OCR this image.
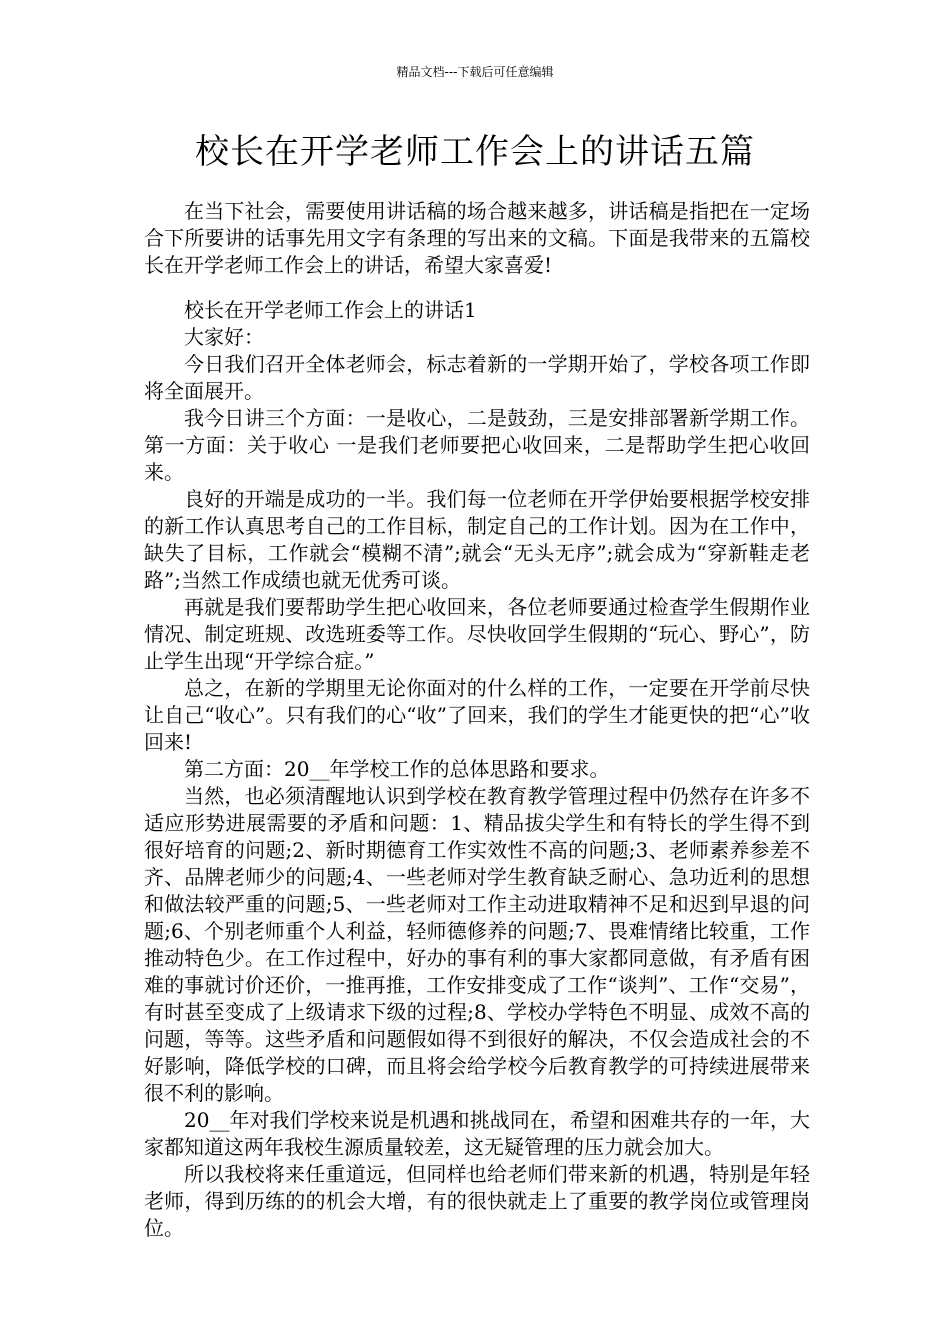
精品文档---下载后可任意编辑
校长在开学老师工作会上的讲话五篇

在当下社会，需要使用讲话稿的场合越来越多，讲话稿是指把在一定场合下所要讲的话事先用文字有条理的写出来的文稿。下面是我带来的五篇校长在开学老师工作会上的讲话，希望大家喜爱!

校长在开学老师工作会上的讲话1

大家好：

今日我们召开全体老师会，标志着新的一学期开始了，学校各项工作即将全面展开。

我今日讲三个方面：一是收心，二是鼓劲，三是安排部署新学期工作。 第一方面：关于收心 一是我们老师要把心收回来，二是帮助学生把心收回来。

良好的开端是成功的一半。我们每一位老师在开学伊始要根据学校安排的新工作认真思考自己的工作目标，制定自己的工作计划。因为在工作中，缺失了目标，工作就会“模糊不清”;就会“无头无序”;就会成为“穿新鞋走老路”;当然工作成绩也就无优秀可谈。

再就是我们要帮助学生把心收回来，各位老师要通过检查学生假期作业情况、制定班规、改选班委等工作。尽快收回学生假期的“玩心、野心”，防止学生出现“开学综合症。”

总之，在新的学期里无论你面对的什么样的工作，一定要在开学前尽快让自己“收心”。只有我们的心“收”了回来，我们的学生才能更快的把“心”收回来!

第二方面：20__年学校工作的总体思路和要求。

当然，也必须清醒地认识到学校在教育教学管理过程中仍然存在许多不适应形势进展需要的矛盾和问题：1、精品拔尖学生和有特长的学生得不到很好培育的问题;2、新时期德育工作实效性不高的问题;3、老师素养参差不齐、品牌老师少的问题;4、一些老师对学生教育缺乏耐心、急功近利的思想和做法较严重的问题;5、一些老师对工作主动进取精神不足和迟到早退的问题;6、个别老师重个人利益，轻师德修养的问题;7、畏难情绪比较重，工作推动特色少。在工作过程中，好办的事有利的事大家都同意做，有矛盾有困难的事就讨价还价，一推再推，工作安排变成了工作“谈判”、工作“交易”，有时甚至变成了上级请求下级的过程;8、学校办学特色不明显、成效不高的问题，等等。这些矛盾和问题假如得不到很好的解决，不仅会造成社会的不好影响，降低学校的口碑，而且将会给学校今后教育教学的可持续进展带来很不利的影响。

20__年对我们学校来说是机遇和挑战同在，希望和困难共存的一年，大家都知道这两年我校生源质量较差，这无疑管理的压力就会加大。

所以我校将来任重道远，但同样也给老师们带来新的机遇，特别是年轻老师，得到历练的的机会大增，有的很快就走上了重要的教学岗位或管理岗位。
